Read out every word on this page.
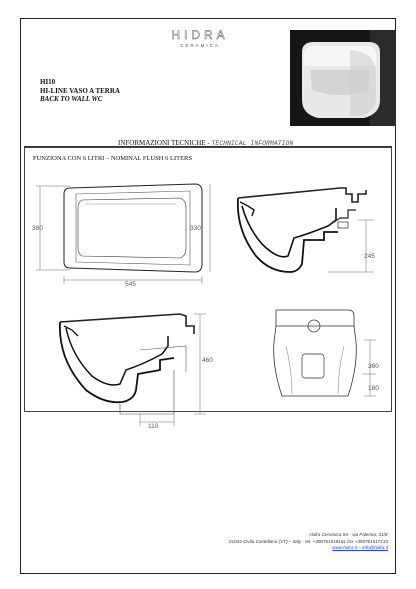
HIDRA
CERAMICA
HI10
HI-LINE VASO A TERRA
BACK TO WALL WC
INFORMAZIONI TECNICHE - TECHNICAL INFORMATION
FUNZIONA CON 6 LITRI – NOMINAL FLUSH 6 LITERS
380	330
545
245
460
110
360
180
Hidra Ceramica Srl - via Falerina, 31/E
01033 Civita Castellana (VT) – Italy - tel. +390761518181 fax +390761517133
www.hidra.it – info@hidra.it
